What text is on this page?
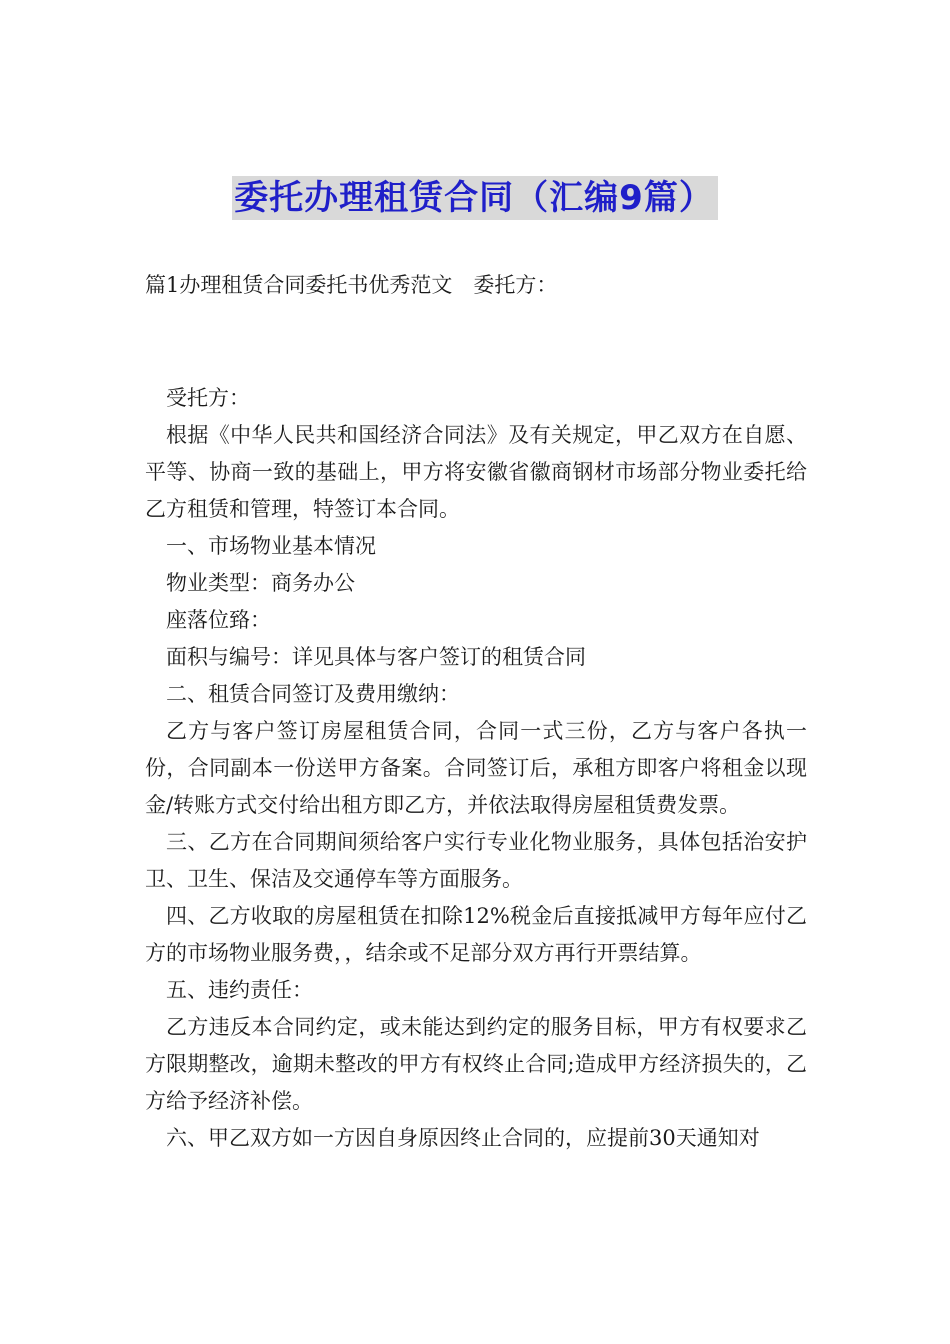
委托办理租赁合同（汇编9篇）
篇1办理租赁合同委托书优秀范文　委托方：

受托方：

根据《中华人民共和国经济合同法》及有关规定，甲乙双方在自愿、平等、协商一致的基础上，甲方将安徽省徽商钢材市场部分物业委托给乙方租赁和管理，特签订本合同。

一、市场物业基本情况

物业类型：商务办公

座落位臵：

面积与编号：详见具体与客户签订的租赁合同

二、租赁合同签订及费用缴纳：

乙方与客户签订房屋租赁合同，合同一式三份，乙方与客户各执一份，合同副本一份送甲方备案。合同签订后，承租方即客户将租金以现金/转账方式交付给出租方即乙方，并依法取得房屋租赁费发票。

三、乙方在合同期间须给客户实行专业化物业服务，具体包括治安护卫、卫生、保洁及交通停车等方面服务。

四、乙方收取的房屋租赁在扣除12%税金后直接抵减甲方每年应付乙方的市场物业服务费，，结余或不足部分双方再行开票结算。

五、违约责任：

乙方违反本合同约定，或未能达到约定的服务目标，甲方有权要求乙方限期整改，逾期未整改的甲方有权终止合同;造成甲方经济损失的，乙方给予经济补偿。

六、甲乙双方如一方因自身原因终止合同的，应提前30天通知对
